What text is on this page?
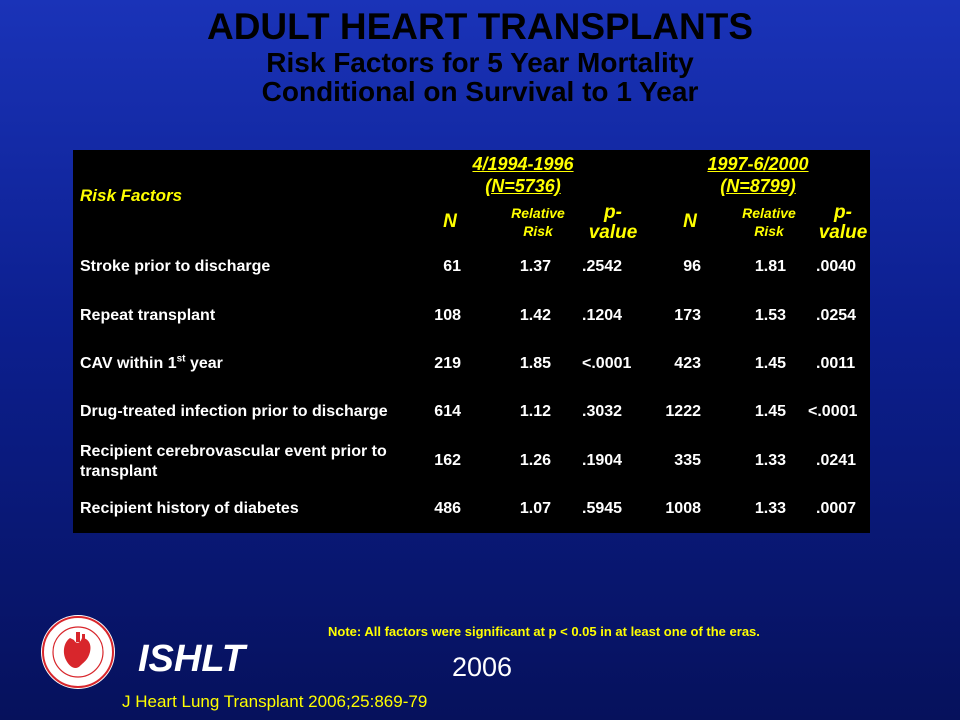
ADULT HEART TRANSPLANTS
Risk Factors for 5 Year Mortality
Conditional on Survival to 1 Year
Risk Factors
4/1994-1996
(N=5736)
1997-6/2000
(N=8799)
N	Relative
Risk
p-
value
N	Relative
Risk
p-
value
Stroke prior to discharge	61	1.37 .2542	96	1.81 .0040
Repeat transplant	108	1.42 .1204	173	1.53 .0254
CAV within 1st year	219	1.85 <.0001	423	1.45 .0011
Drug-treated infection prior to discharge	614	1.12 .3032	1222	1.45 <.0001
Recipient cerebrovascular event prior to
transplant
162	1.26 .1904	335	1.33 .0241
Recipient history of diabetes	486	1.07 .5945	1008	1.33 .0007
Note: All factors were significant at p < 0.05 in at least one of the eras.
ISHLT	2006
J Heart Lung Transplant 2006;25:869-79
